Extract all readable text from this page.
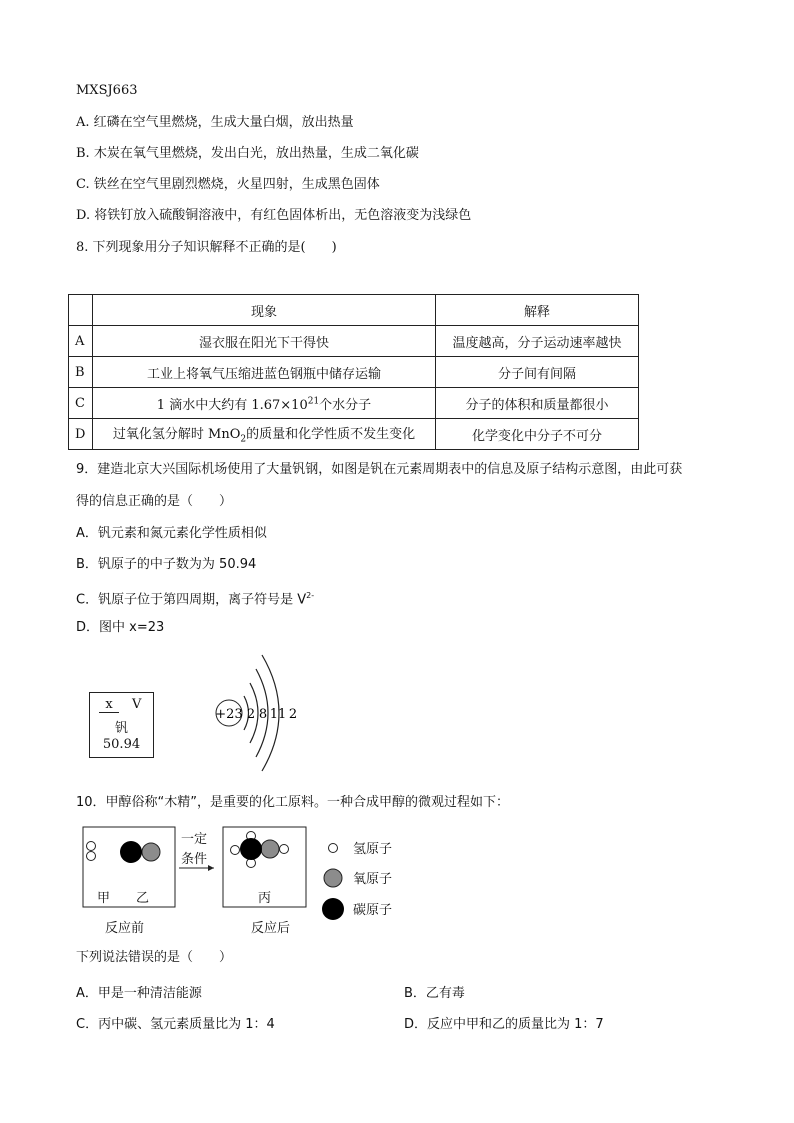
MXSJ663
A. 红磷在空气里燃烧，生成大量白烟，放出热量
B. 木炭在氧气里燃烧，发出白光，放出热量，生成二氧化碳
C. 铁丝在空气里剧烈燃烧，火星四射，生成黑色固体
D. 将铁钉放入硫酸铜溶液中，有红色固体析出，无色溶液变为浅绿色
8. 下列现象用分子知识解释不正确的是(　　)
	现象	解释
A	湿衣服在阳光下干得快	温度越高，分子运动速率越快
B	工业上将氧气压缩进蓝色钢瓶中储存运输	分子间有间隔
C	1 滴水中大约有 $1.67\times 10^{21}$个水分子	分子的体积和质量都很小
D	过氧化氢分解时 MnO$_2$的质量和化学性质不发生变化	化学变化中分子不可分
9．建造北京大兴国际机场使用了大量钒钢，如图是钒在元素周期表中的信息及原子结构示意图，由此可获
得的信息正确的是（　　）
A．钒元素和氮元素化学性质相似
B．钒原子的中子数为为 50.94
C．钒原子位于第四周期，离子符号是 $V^{2-}$
D．图中 x=23
x	V
钒
50.94
+23 2 8 11 2
10．甲醇俗称“木精”，是重要的化工原料。一种合成甲醇的微观过程如下：
甲 乙
一定
条件
丙
反应前	反应后
氢原子
氧原子
碳原子
下列说法错误的是（　　）
A．甲是一种清洁能源	B．乙有毒
C．丙中碳、氢元素质量比为 1：4	D．反应中甲和乙的质量比为 1：7
